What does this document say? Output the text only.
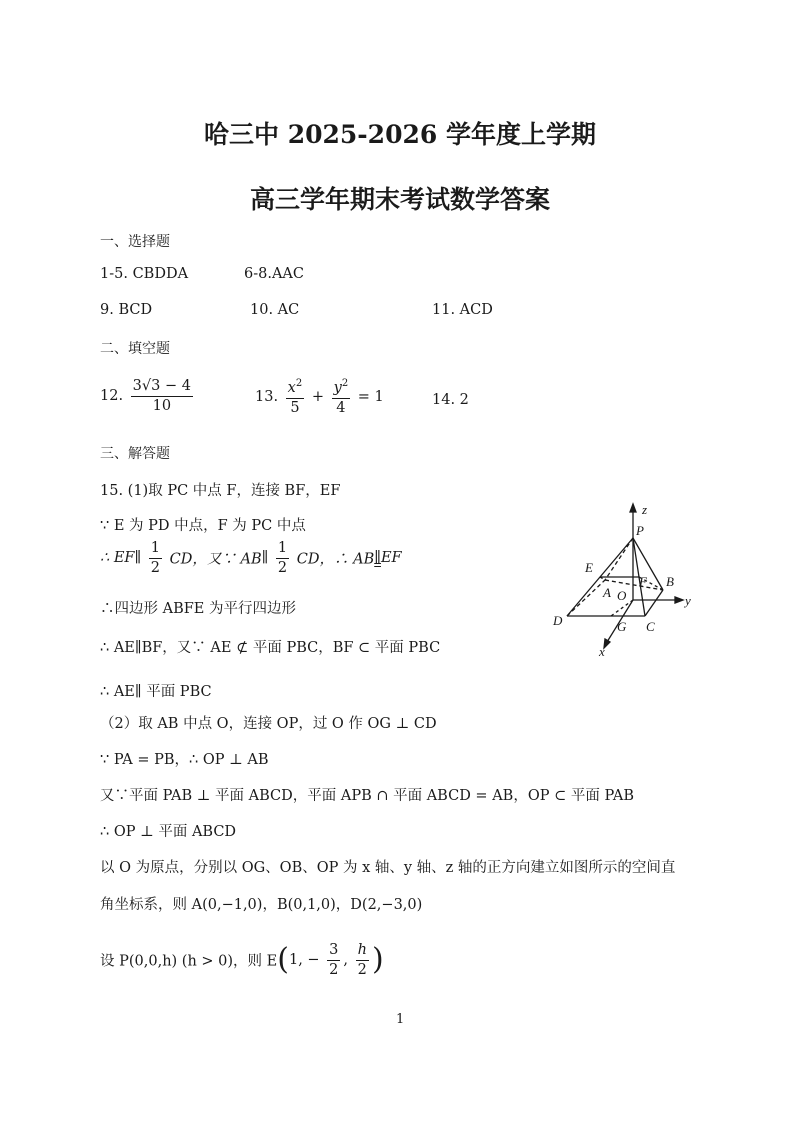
哈三中 2025-2026 学年度上学期
高三学年期末考试数学答案
一、选择题
1-5. CBDDA	6-8.AAC
9. BCD	10. AC	11. ACD
二、填空题
12. $\frac{3√3 - 4}{10}$	13. $\frac{x^2}{5} + \frac{y^2}{4} = 1$	14. 2
三、解答题
15. (1)取 PC 中点 F，连接 BF，EF
∵ E 为 PD 中点，F 为 PC 中点
∴ EF∥ $\frac{1}{2}$ CD，又∵ AB∥ $\frac{1}{2}$ CD，∴ AB∥EF
∴四边形 ABFE 为平行四边形
∴ AE∥BF，又∵ AE ⊄ 平面 PBC，BF ⊂ 平面 PBC
∴ AE∥ 平面 PBC
（2）取 AB 中点 O，连接 OP，过 O 作 OG ⊥ CD
∵ PA = PB，∴ OP ⊥ AB
又∵平面 PAB ⊥ 平面 ABCD，平面 APB ∩ 平面 ABCD = AB，OP ⊂ 平面 PAB
∴ OP ⊥ 平面 ABCD
以 O 为原点，分别以 OG、OB、OP 为 x 轴、y 轴、z 轴的正方向建立如图所示的空间直
角坐标系，则 A(0,−1,0)，B(0,1,0)，D(2,−3,0)
设 P(0,0,h) (h > 0)，则 E(1, − $\frac{3}{2}$ , $\frac{h}{2}$ )
z
P
E
F B
A O	y
D	G C
x
1
